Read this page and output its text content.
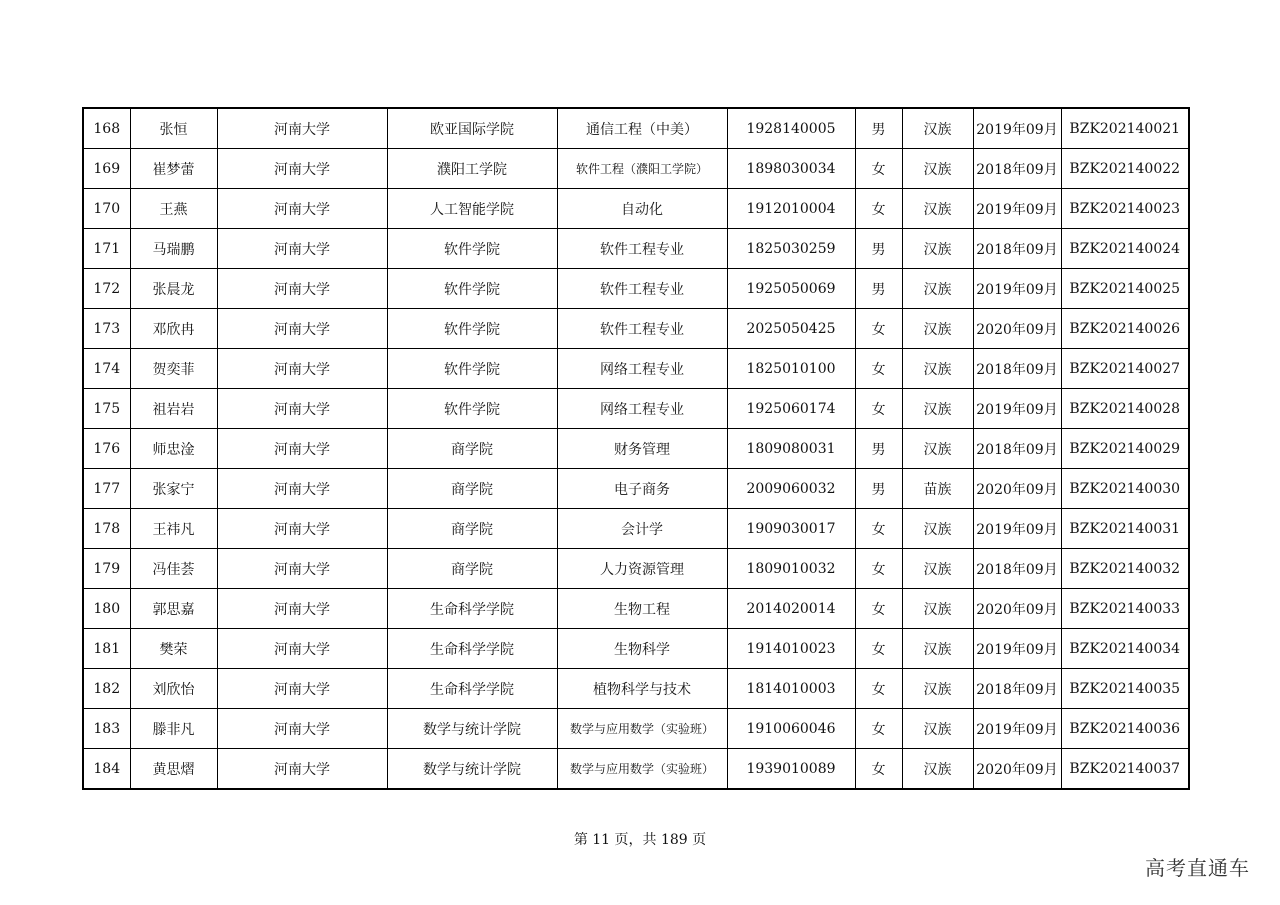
168	张恒	河南大学	欧亚国际学院	通信工程（中美）	1928140005	男	汉族	2019年09月	BZK202140021
169	崔梦蕾	河南大学	濮阳工学院	软件工程（濮阳工学院）	1898030034	女	汉族	2018年09月	BZK202140022
170	王燕	河南大学	人工智能学院	自动化	1912010004	女	汉族	2019年09月	BZK202140023
171	马瑞鹏	河南大学	软件学院	软件工程专业	1825030259	男	汉族	2018年09月	BZK202140024
172	张晨龙	河南大学	软件学院	软件工程专业	1925050069	男	汉族	2019年09月	BZK202140025
173	邓欣冉	河南大学	软件学院	软件工程专业	2025050425	女	汉族	2020年09月	BZK202140026
174	贺奕菲	河南大学	软件学院	网络工程专业	1825010100	女	汉族	2018年09月	BZK202140027
175	祖岩岩	河南大学	软件学院	网络工程专业	1925060174	女	汉族	2019年09月	BZK202140028
176	师忠淦	河南大学	商学院	财务管理	1809080031	男	汉族	2018年09月	BZK202140029
177	张家宁	河南大学	商学院	电子商务	2009060032	男	苗族	2020年09月	BZK202140030
178	王祎凡	河南大学	商学院	会计学	1909030017	女	汉族	2019年09月	BZK202140031
179	冯佳荟	河南大学	商学院	人力资源管理	1809010032	女	汉族	2018年09月	BZK202140032
180	郭思嘉	河南大学	生命科学学院	生物工程	2014020014	女	汉族	2020年09月	BZK202140033
181	樊荣	河南大学	生命科学学院	生物科学	1914010023	女	汉族	2019年09月	BZK202140034
182	刘欣怡	河南大学	生命科学学院	植物科学与技术	1814010003	女	汉族	2018年09月	BZK202140035
183	滕非凡	河南大学	数学与统计学院	数学与应用数学（实验班）	1910060046	女	汉族	2019年09月	BZK202140036
184	黄思熠	河南大学	数学与统计学院	数学与应用数学（实验班）	1939010089	女	汉族	2020年09月	BZK202140037
第 11 页，共 189 页
高考直通车
